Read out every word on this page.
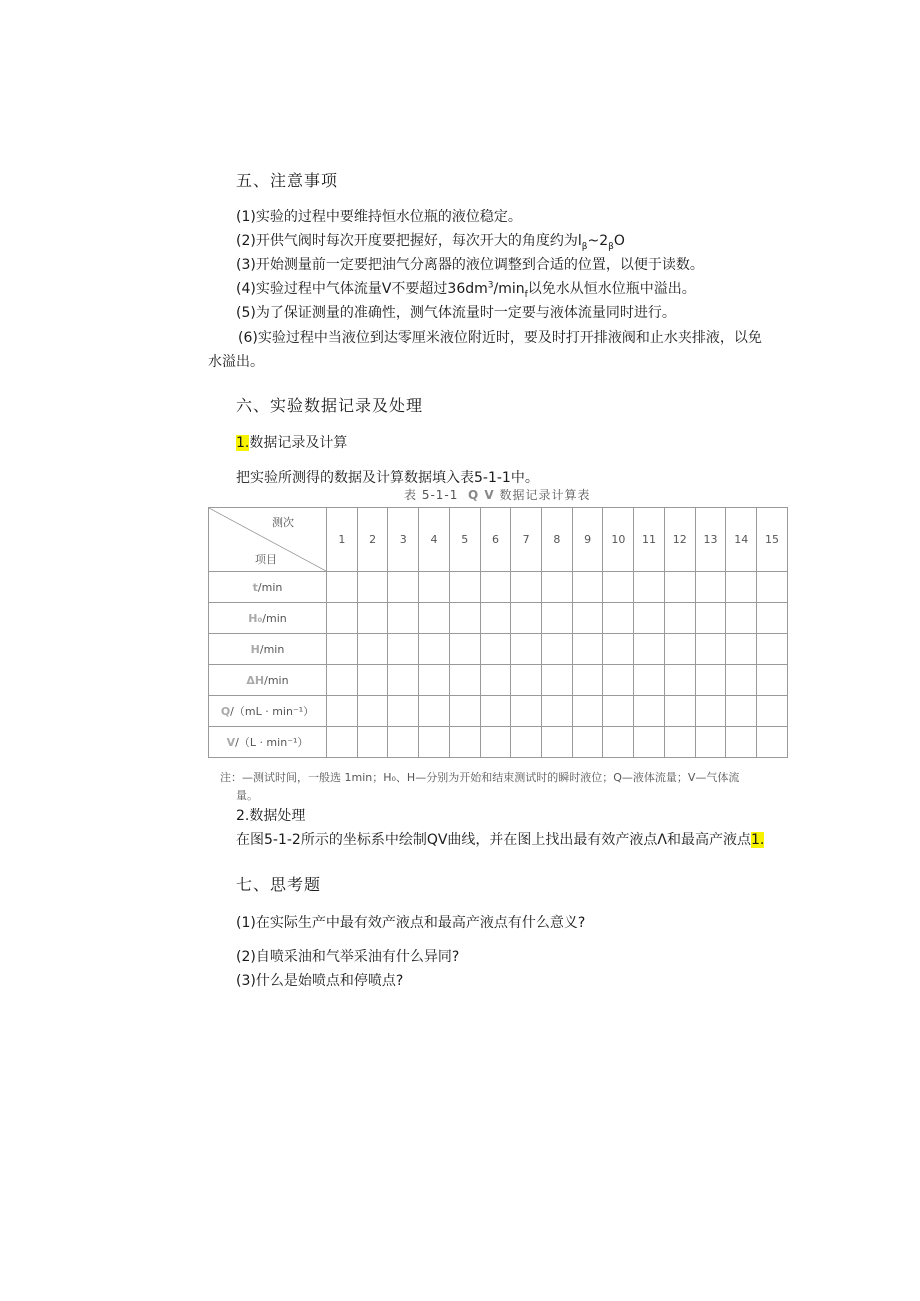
五、注意事项
(1)实验的过程中要维持恒水位瓶的液位稳定。
(2)开供气阀时每次开度要把握好，每次开大的角度约为$l_\beta\sim 2_\beta O$
(3)开始测量前一定要把油气分离器的液位调整到合适的位置，以便于读数。
(4)实验过程中气体流量V不要超过$36dm^3/\min_f$以免水从恒水位瓶中溢出。
(5)为了保证测量的准确性，测气体流量时一定要与液体流量同时进行。
(6)实验过程中当液位到达零厘米液位附近时，要及时打开排液阀和止水夹排液，以免
水溢出。
六、实验数据记录及处理
1.数据记录及计算
把实验所测得的数据及计算数据填入表5-1-1中。
表 5-1-1 Q V 数据记录计算表
测次
项目	1	2	3	4	5	6	7	8	9	10	11	12	13	14	15
t/min															
H₀/min															
H/min															
ΔH/min															
Q/（mL · min⁻¹）															
V/（L · min⁻¹）															
注：—测试时间，一般选 1min；H₀、H—分别为开始和结束测试时的瞬时液位；Q—液体流量；V—气体流
量。
2.数据处理
在图5-1-2所示的坐标系中绘制QV曲线，并在图上找出最有效产液点Λ和最高产液点1.
七、思考题
(1)在实际生产中最有效产液点和最高产液点有什么意义?
(2)自喷采油和气举采油有什么异同?
(3)什么是始喷点和停喷点?
